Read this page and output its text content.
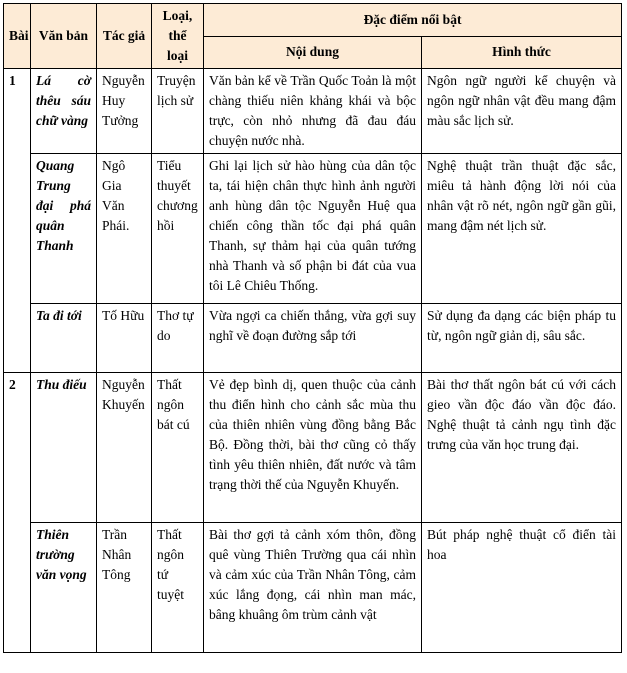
Bài	Văn bản	Tác giả	Loại, thể loại	Đặc điểm nổi bật	
				Nội dung	Hình thức
1	Lá cờ thêu sáu chữ vàng	Nguyễn Huy Tưởng	Truyện lịch sử	Văn bản kể về Trần Quốc Toản là một chàng thiếu niên khảng khái và bộc trực, còn nhỏ nhưng đã đau đáu chuyện nước nhà.	Ngôn ngữ người kể chuyện và ngôn ngữ nhân vật đều mang đậm màu sắc lịch sử.
	Quang Trung đại phá quân Thanh	Ngô Gia Văn Phái.	Tiểu thuyết chương hồi	Ghi lại lịch sử hào hùng của dân tộc ta, tái hiện chân thực hình ảnh người anh hùng dân tộc Nguyễn Huệ qua chiến công thần tốc đại phá quân Thanh, sự thảm hại của quân tướng nhà Thanh và số phận bi đát của vua tôi Lê Chiêu Thống.	Nghệ thuật trần thuật đặc sắc, miêu tả hành động lời nói của nhân vật rõ nét, ngôn ngữ gần gũi, mang đậm nét lịch sử.
	Ta đi tới	Tố Hữu	Thơ tự do	Vừa ngợi ca chiến thắng, vừa gợi suy nghĩ về đoạn đường sắp tới	Sử dụng đa dạng các biện pháp tu từ, ngôn ngữ giản dị, sâu sắc.
2	Thu điếu	Nguyễn Khuyến	Thất ngôn bát cú	Vẻ đẹp bình dị, quen thuộc của cảnh thu điển hình cho cảnh sắc mùa thu của thiên nhiên vùng đồng bằng Bắc Bộ. Đồng thời, bài thơ cũng cỏ thấy tình yêu thiên nhiên, đất nước và tâm trạng thời thế của Nguyễn Khuyến.	Bài thơ thất ngôn bát cú với cách gieo vần độc đáo vần độc đáo. Nghệ thuật tả cảnh ngụ tình đặc trưng của văn học trung đại.
	Thiên trường văn vọng	Trần Nhân Tông	Thất ngôn tứ tuyệt	Bài thơ gợi tả cảnh xóm thôn, đồng quê vùng Thiên Trường qua cái nhìn và cảm xúc của Trần Nhân Tông, cảm xúc lắng đọng, cái nhìn man mác, bâng khuâng ôm trùm cảnh vật	Bút pháp nghệ thuật cổ điển tài hoa
